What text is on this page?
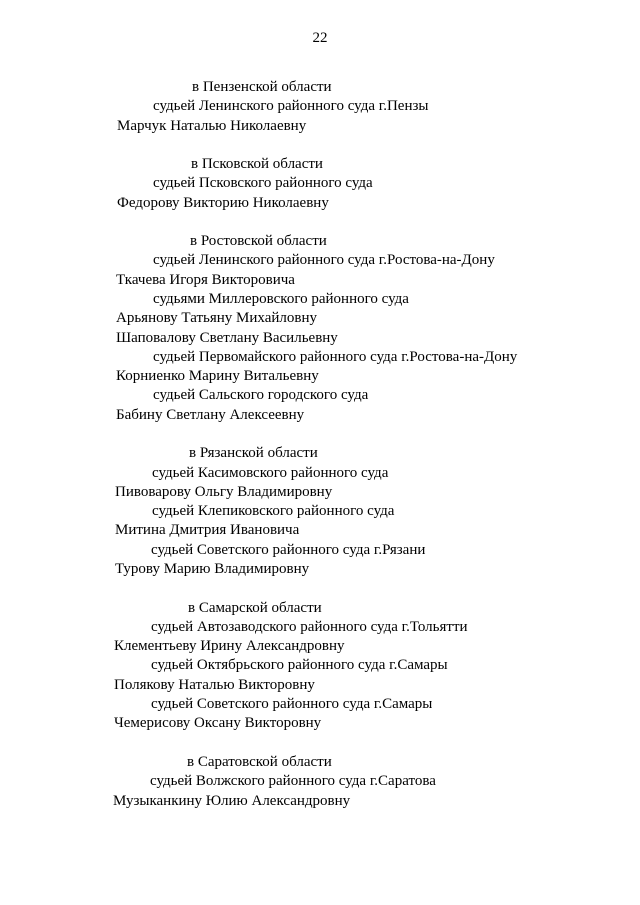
22
в Пензенской области
судьей Ленинского районного суда г.Пензы
Марчук Наталью Николаевну
в Псковской области
судьей Псковского районного суда
Федорову Викторию Николаевну
в Ростовской области
судьей Ленинского районного суда г.Ростова-на-Дону
Ткачева Игоря Викторовича
судьями Миллеровского районного суда
Арьянову Татьяну Михайловну
Шаповалову Светлану Васильевну
судьей Первомайского районного суда г.Ростова-на-Дону
Корниенко Марину Витальевну
судьей Сальского городского суда
Бабину Светлану Алексеевну
в Рязанской области
судьей Касимовского районного суда
Пивоварову Ольгу Владимировну
судьей Клепиковского районного суда
Митина Дмитрия Ивановича
судьей Советского районного суда г.Рязани
Турову Марию Владимировну
в Самарской области
судьей Автозаводского районного суда г.Тольятти
Клементьеву Ирину Александровну
судьей Октябрьского районного суда г.Самары
Полякову Наталью Викторовну
судьей Советского районного суда г.Самары
Чемерисову Оксану Викторовну
в Саратовской области
судьей Волжского районного суда г.Саратова
Музыканкину Юлию Александровну
